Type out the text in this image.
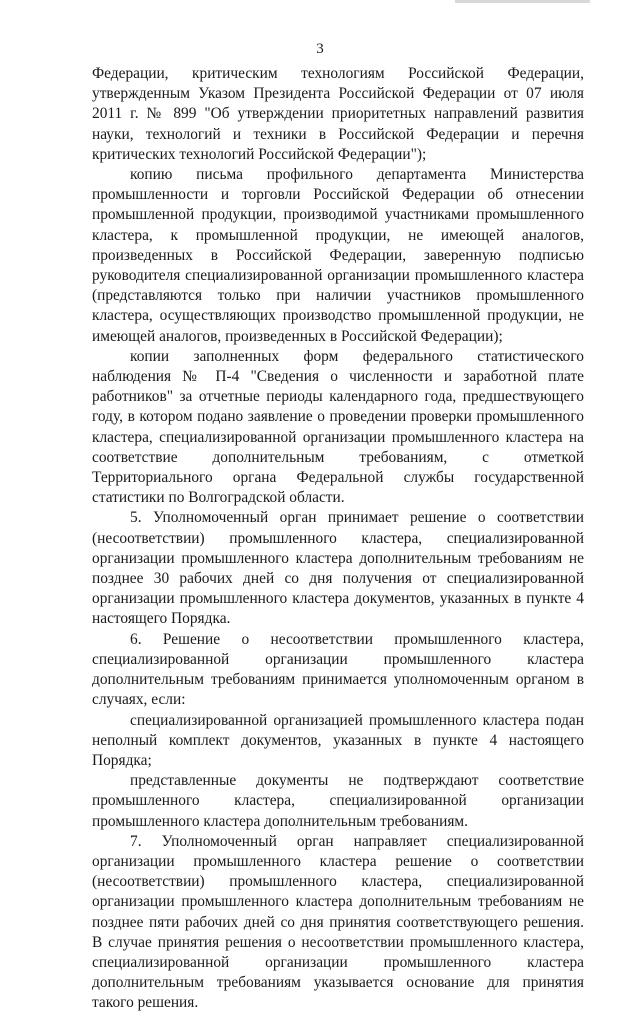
3

Федерации, критическим технологиям Российской Федерации, утвержденным Указом Президента Российской Федерации от 07 июля 2011 г. № 899 "Об утверждении приоритетных направлений развития науки, технологий и техники в Российской Федерации и перечня критических технологий Российской Федерации");

копию письма профильного департамента Министерства промышленности и торговли Российской Федерации об отнесении промышленной продукции, производимой участниками промышленного кластера, к промышленной продукции, не имеющей аналогов, произведенных в Российской Федерации, заверенную подписью руководителя специализированной организации промышленного кластера (представляются только при наличии участников промышленного кластера, осуществляющих производство промышленной продукции, не имеющей аналогов, произведенных в Российской Федерации);

копии заполненных форм федерального статистического наблюдения № П-4 "Сведения о численности и заработной плате работников" за отчетные периоды календарного года, предшествующего году, в котором подано заявление о проведении проверки промышленного кластера, специализированной организации промышленного кластера на соответствие дополнительным требованиям, с отметкой Территориального органа Федеральной службы государственной статистики по Волгоградской области.

5. Уполномоченный орган принимает решение о соответствии (несоответствии) промышленного кластера, специализированной организации промышленного кластера дополнительным требованиям не позднее 30 рабочих дней со дня получения от специализированной организации промышленного кластера документов, указанных в пункте 4 настоящего Порядка.

6. Решение о несоответствии промышленного кластера, специализированной организации промышленного кластера дополнительным требованиям принимается уполномоченным органом в случаях, если:

специализированной организацией промышленного кластера подан неполный комплект документов, указанных в пункте 4 настоящего Порядка;

представленные документы не подтверждают соответствие промышленного кластера, специализированной организации промышленного кластера дополнительным требованиям.

7. Уполномоченный орган направляет специализированной организации промышленного кластера решение о соответствии (несоответствии) промышленного кластера, специализированной организации промышленного кластера дополнительным требованиям не позднее пяти рабочих дней со дня принятия соответствующего решения. В случае принятия решения о несоответствии промышленного кластера, специализированной организации промышленного кластера дополнительным требованиям указывается основание для принятия такого решения.
